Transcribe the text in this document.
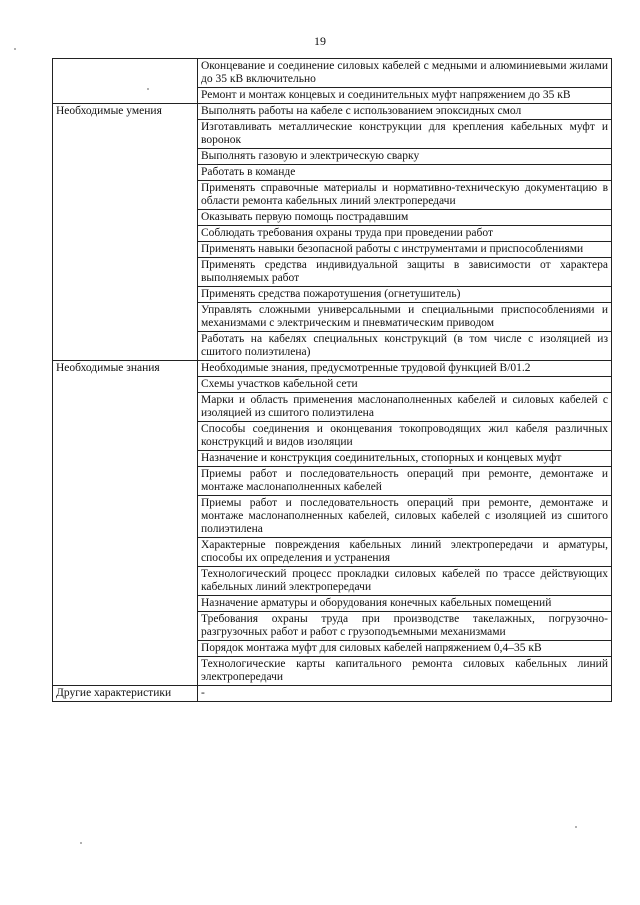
19
	Оконцевание и соединение силовых кабелей с медными и алюминиевыми жилами до 35 кВ включительно
	Ремонт и монтаж концевых и соединительных муфт напряжением до 35 кВ
Необходимые умения	Выполнять работы на кабеле с использованием эпоксидных смол
	Изготавливать металлические конструкции для крепления кабельных муфт и воронок
	Выполнять газовую и электрическую сварку
	Работать в команде
	Применять справочные материалы и нормативно-техническую документацию в области ремонта кабельных линий электропередачи
	Оказывать первую помощь пострадавшим
	Соблюдать требования охраны труда при проведении работ
	Применять навыки безопасной работы с инструментами и приспособлениями
	Применять средства индивидуальной защиты в зависимости от характера выполняемых работ
	Применять средства пожаротушения (огнетушитель)
	Управлять сложными универсальными и специальными приспособлениями и механизмами с электрическим и пневматическим приводом
	Работать на кабелях специальных конструкций (в том числе с изоляцией из сшитого полиэтилена)
Необходимые знания	Необходимые знания, предусмотренные трудовой функцией B/01.2
	Схемы участков кабельной сети
	Марки и область применения маслонаполненных кабелей и силовых кабелей с изоляцией из сшитого полиэтилена
	Способы соединения и оконцевания токопроводящих жил кабеля различных конструкций и видов изоляции
	Назначение и конструкция соединительных, стопорных и концевых муфт
	Приемы работ и последовательность операций при ремонте, демонтаже и монтаже маслонаполненных кабелей
	Приемы работ и последовательность операций при ремонте, демонтаже и монтаже маслонаполненных кабелей, силовых кабелей с изоляцией из сшитого полиэтилена
	Характерные повреждения кабельных линий электропередачи и арматуры, способы их определения и устранения
	Технологический процесс прокладки силовых кабелей по трассе действующих кабельных линий электропередачи
	Назначение арматуры и оборудования конечных кабельных помещений
	Требования охраны труда при производстве такелажных, погрузочно-разгрузочных работ и работ с грузоподъемными механизмами
	Порядок монтажа муфт для силовых кабелей напряжением 0,4–35 кВ
	Технологические карты капитального ремонта силовых кабельных линий электропередачи
Другие характеристики	-
